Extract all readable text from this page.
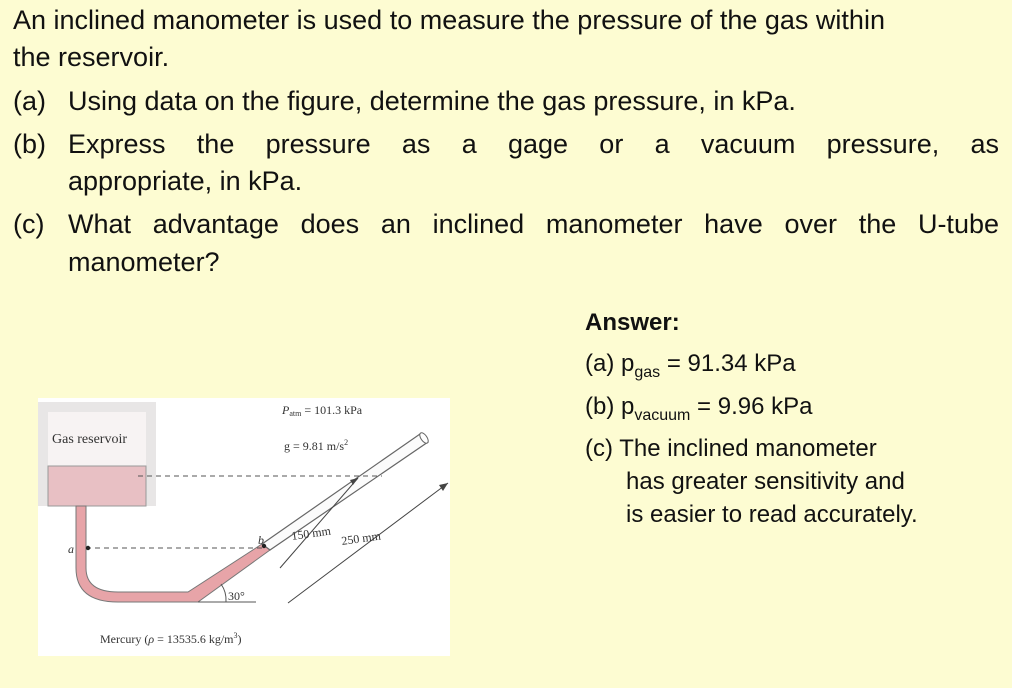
An inclined manometer is used to measure the pressure of the gas within
the reservoir.
(a) Using data on the figure, determine the gas pressure, in kPa.
(b) Express the pressure as a gage or a vacuum pressure, as
appropriate, in kPa.
(c) What advantage does an inclined manometer have over the U-tube
manometer?
Answer:
(a) $p_{gas} = 91.34$ kPa
(b) $p_{vacuum} = 9.96$ kPa
(c) The inclined manometer
has greater sensitivity and
is easier to read accurately.
Gas reservoir
a
b
30°
Patm = 101.3 kPa
g = 9.81 $m/s^2$
150 mm 250 mm
Mercury (ρ = 13535.6 $kg/m^3$)
